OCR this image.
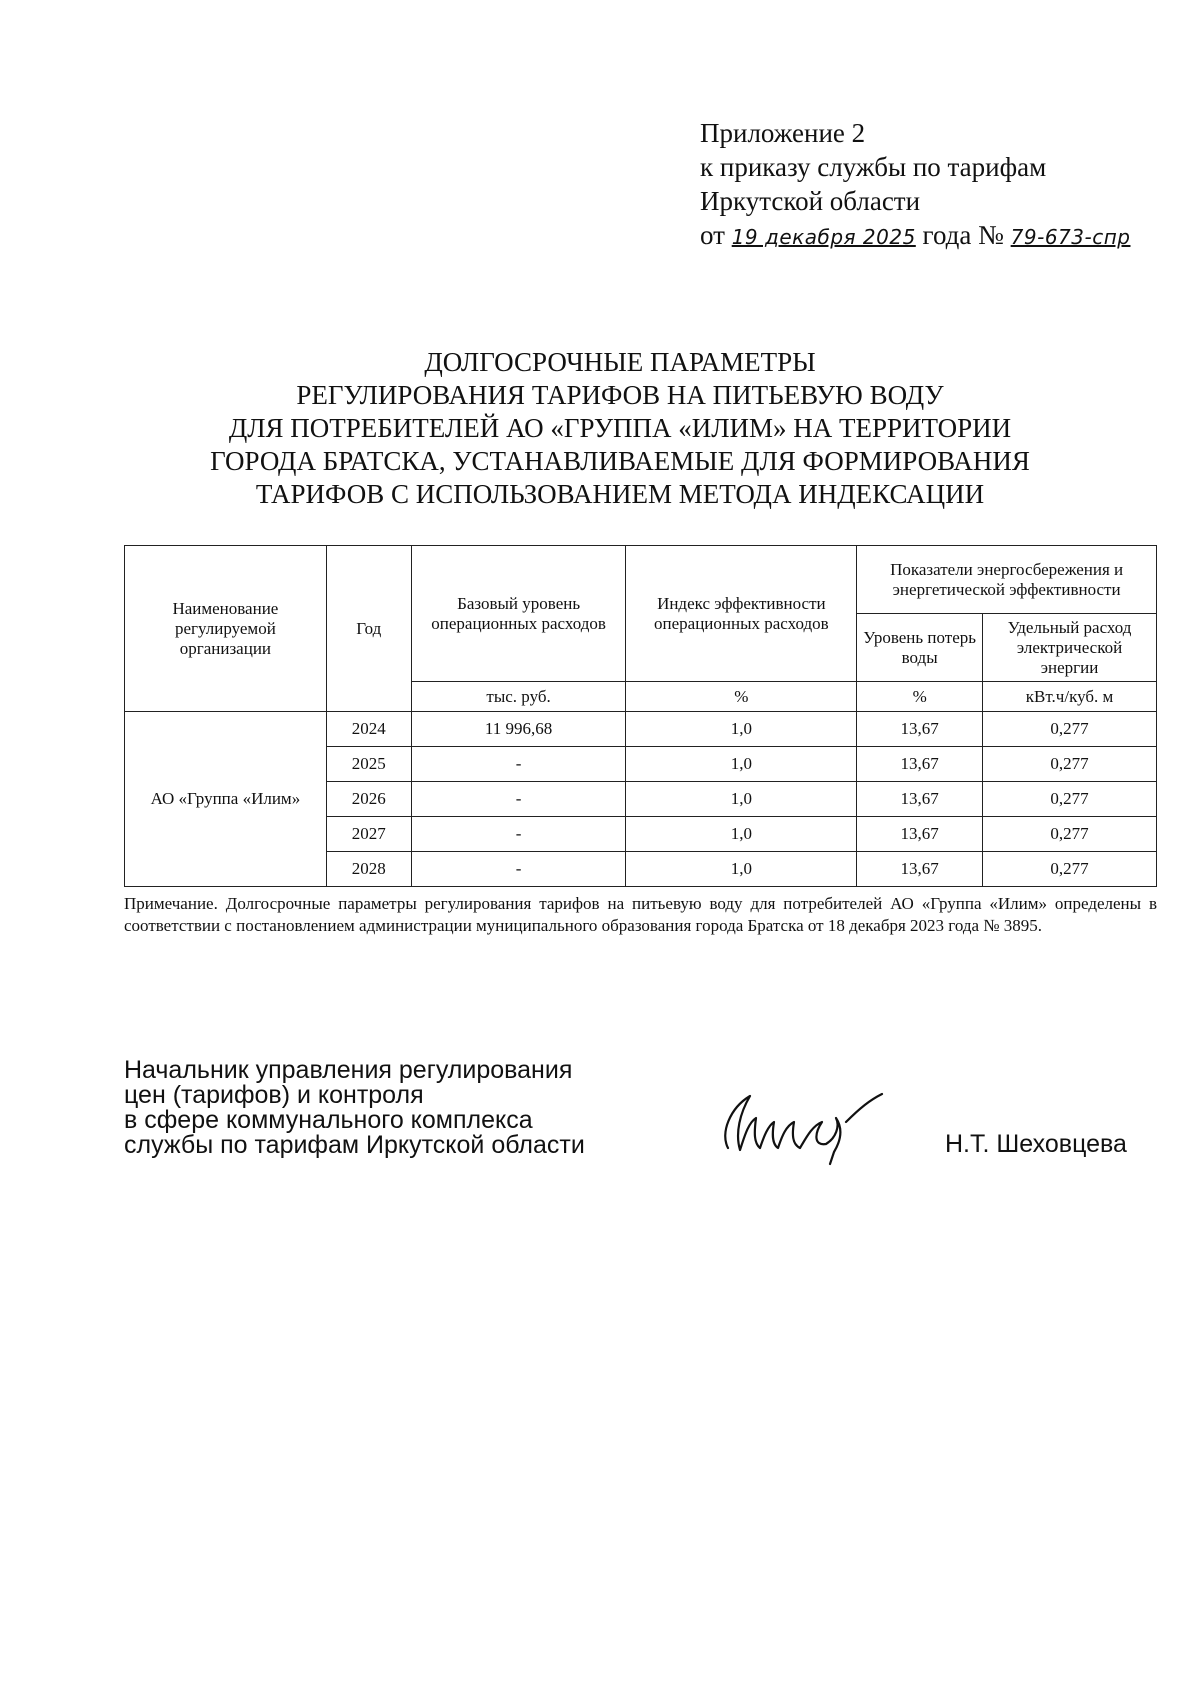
Приложение 2
к приказу службы по тарифам
Иркутской области
от 19 декабря 2025 года № 79-673-спр
ДОЛГОСРОЧНЫЕ ПАРАМЕТРЫ
РЕГУЛИРОВАНИЯ ТАРИФОВ НА ПИТЬЕВУЮ ВОДУ
ДЛЯ ПОТРЕБИТЕЛЕЙ АО «ГРУППА «ИЛИМ» НА ТЕРРИТОРИИ
ГОРОДА БРАТСКА, УСТАНАВЛИВАЕМЫЕ ДЛЯ ФОРМИРОВАНИЯ
ТАРИФОВ С ИСПОЛЬЗОВАНИЕМ МЕТОДА ИНДЕКСАЦИИ
Наименование регулируемой организации	Год	Базовый уровень операционных расходов	Индекс эффективности операционных расходов	Показатели энергосбережения и энергетической эффективности	
				Уровень потерь воды	Удельный расход электрической энергии
		тыс. руб.	%	%	кВт.ч/куб. м
АО «Группа «Илим»	2024	11 996,68	1,0	13,67	0,277
	2025	-	1,0	13,67	0,277
	2026	-	1,0	13,67	0,277
	2027	-	1,0	13,67	0,277
	2028	-	1,0	13,67	0,277
Примечание. Долгосрочные параметры регулирования тарифов на питьевую воду для потребителей АО «Группа «Илим» определены в соответствии с постановлением администрации муниципального образования города Братска от 18 декабря 2023 года № 3895.
Начальник управления регулирования
цен (тарифов) и контроля
в сфере коммунального комплекса
службы по тарифам Иркутской области	Н.Т. Шеховцева
